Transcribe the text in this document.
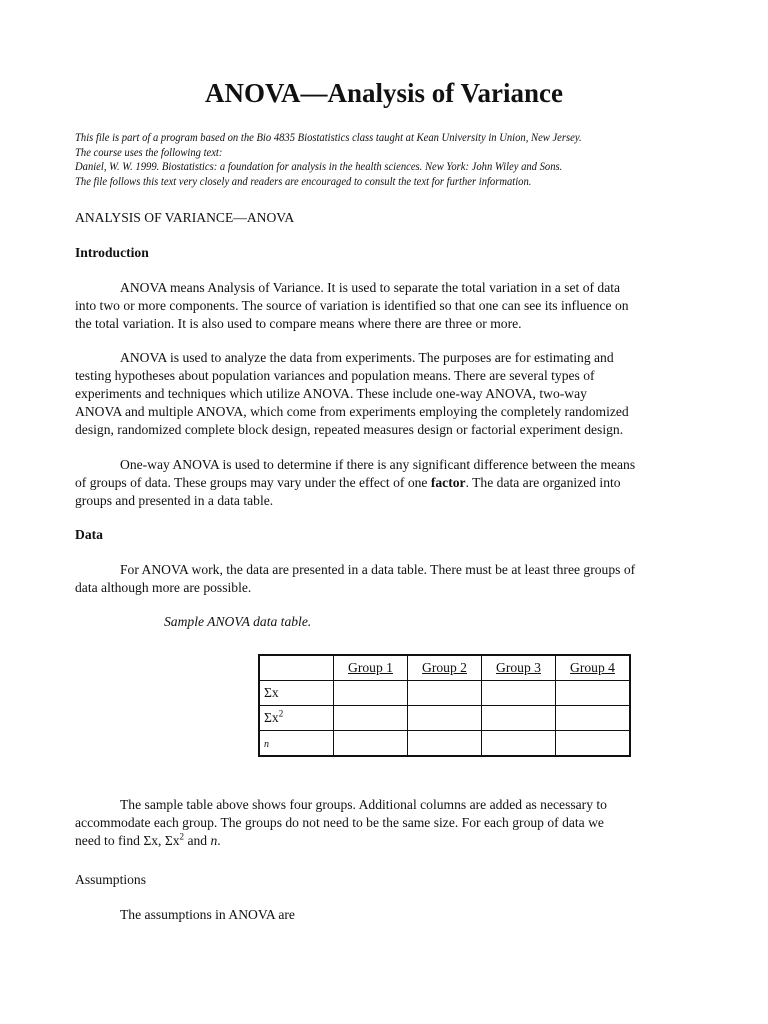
ANOVA—Analysis of Variance
This file is part of a program based on the Bio 4835 Biostatistics class taught at Kean University in Union, New Jersey.
The course uses the following text:
Daniel, W. W. 1999. Biostatistics: a foundation for analysis in the health sciences. New York: John Wiley and Sons.
The file follows this text very closely and readers are encouraged to consult the text for further information.
ANALYSIS OF VARIANCE—ANOVA
Introduction
ANOVA means Analysis of Variance. It is used to separate the total variation in a set of data
into two or more components. The source of variation is identified so that one can see its influence on
the total variation. It is also used to compare means where there are three or more.
ANOVA is used to analyze the data from experiments. The purposes are for estimating and
testing hypotheses about population variances and population means. There are several types of
experiments and techniques which utilize ANOVA. These include one-way ANOVA, two-way
ANOVA and multiple ANOVA, which come from experiments employing the completely randomized
design, randomized complete block design, repeated measures design or factorial experiment design.
One-way ANOVA is used to determine if there is any significant difference between the means
of groups of data. These groups may vary under the effect of one factor. The data are organized into
groups and presented in a data table.
Data
For ANOVA work, the data are presented in a data table. There must be at least three groups of
data although more are possible.
Sample ANOVA data table.
	Group 1	Group 2	Group 3	Group 4
Σx				
$\Sigma x^2$				
n				
The sample table above shows four groups. Additional columns are added as necessary to
accommodate each group. The groups do not need to be the same size. For each group of data we
need to find Σx, $\Sigma x^2$ and n.
Assumptions
The assumptions in ANOVA are
